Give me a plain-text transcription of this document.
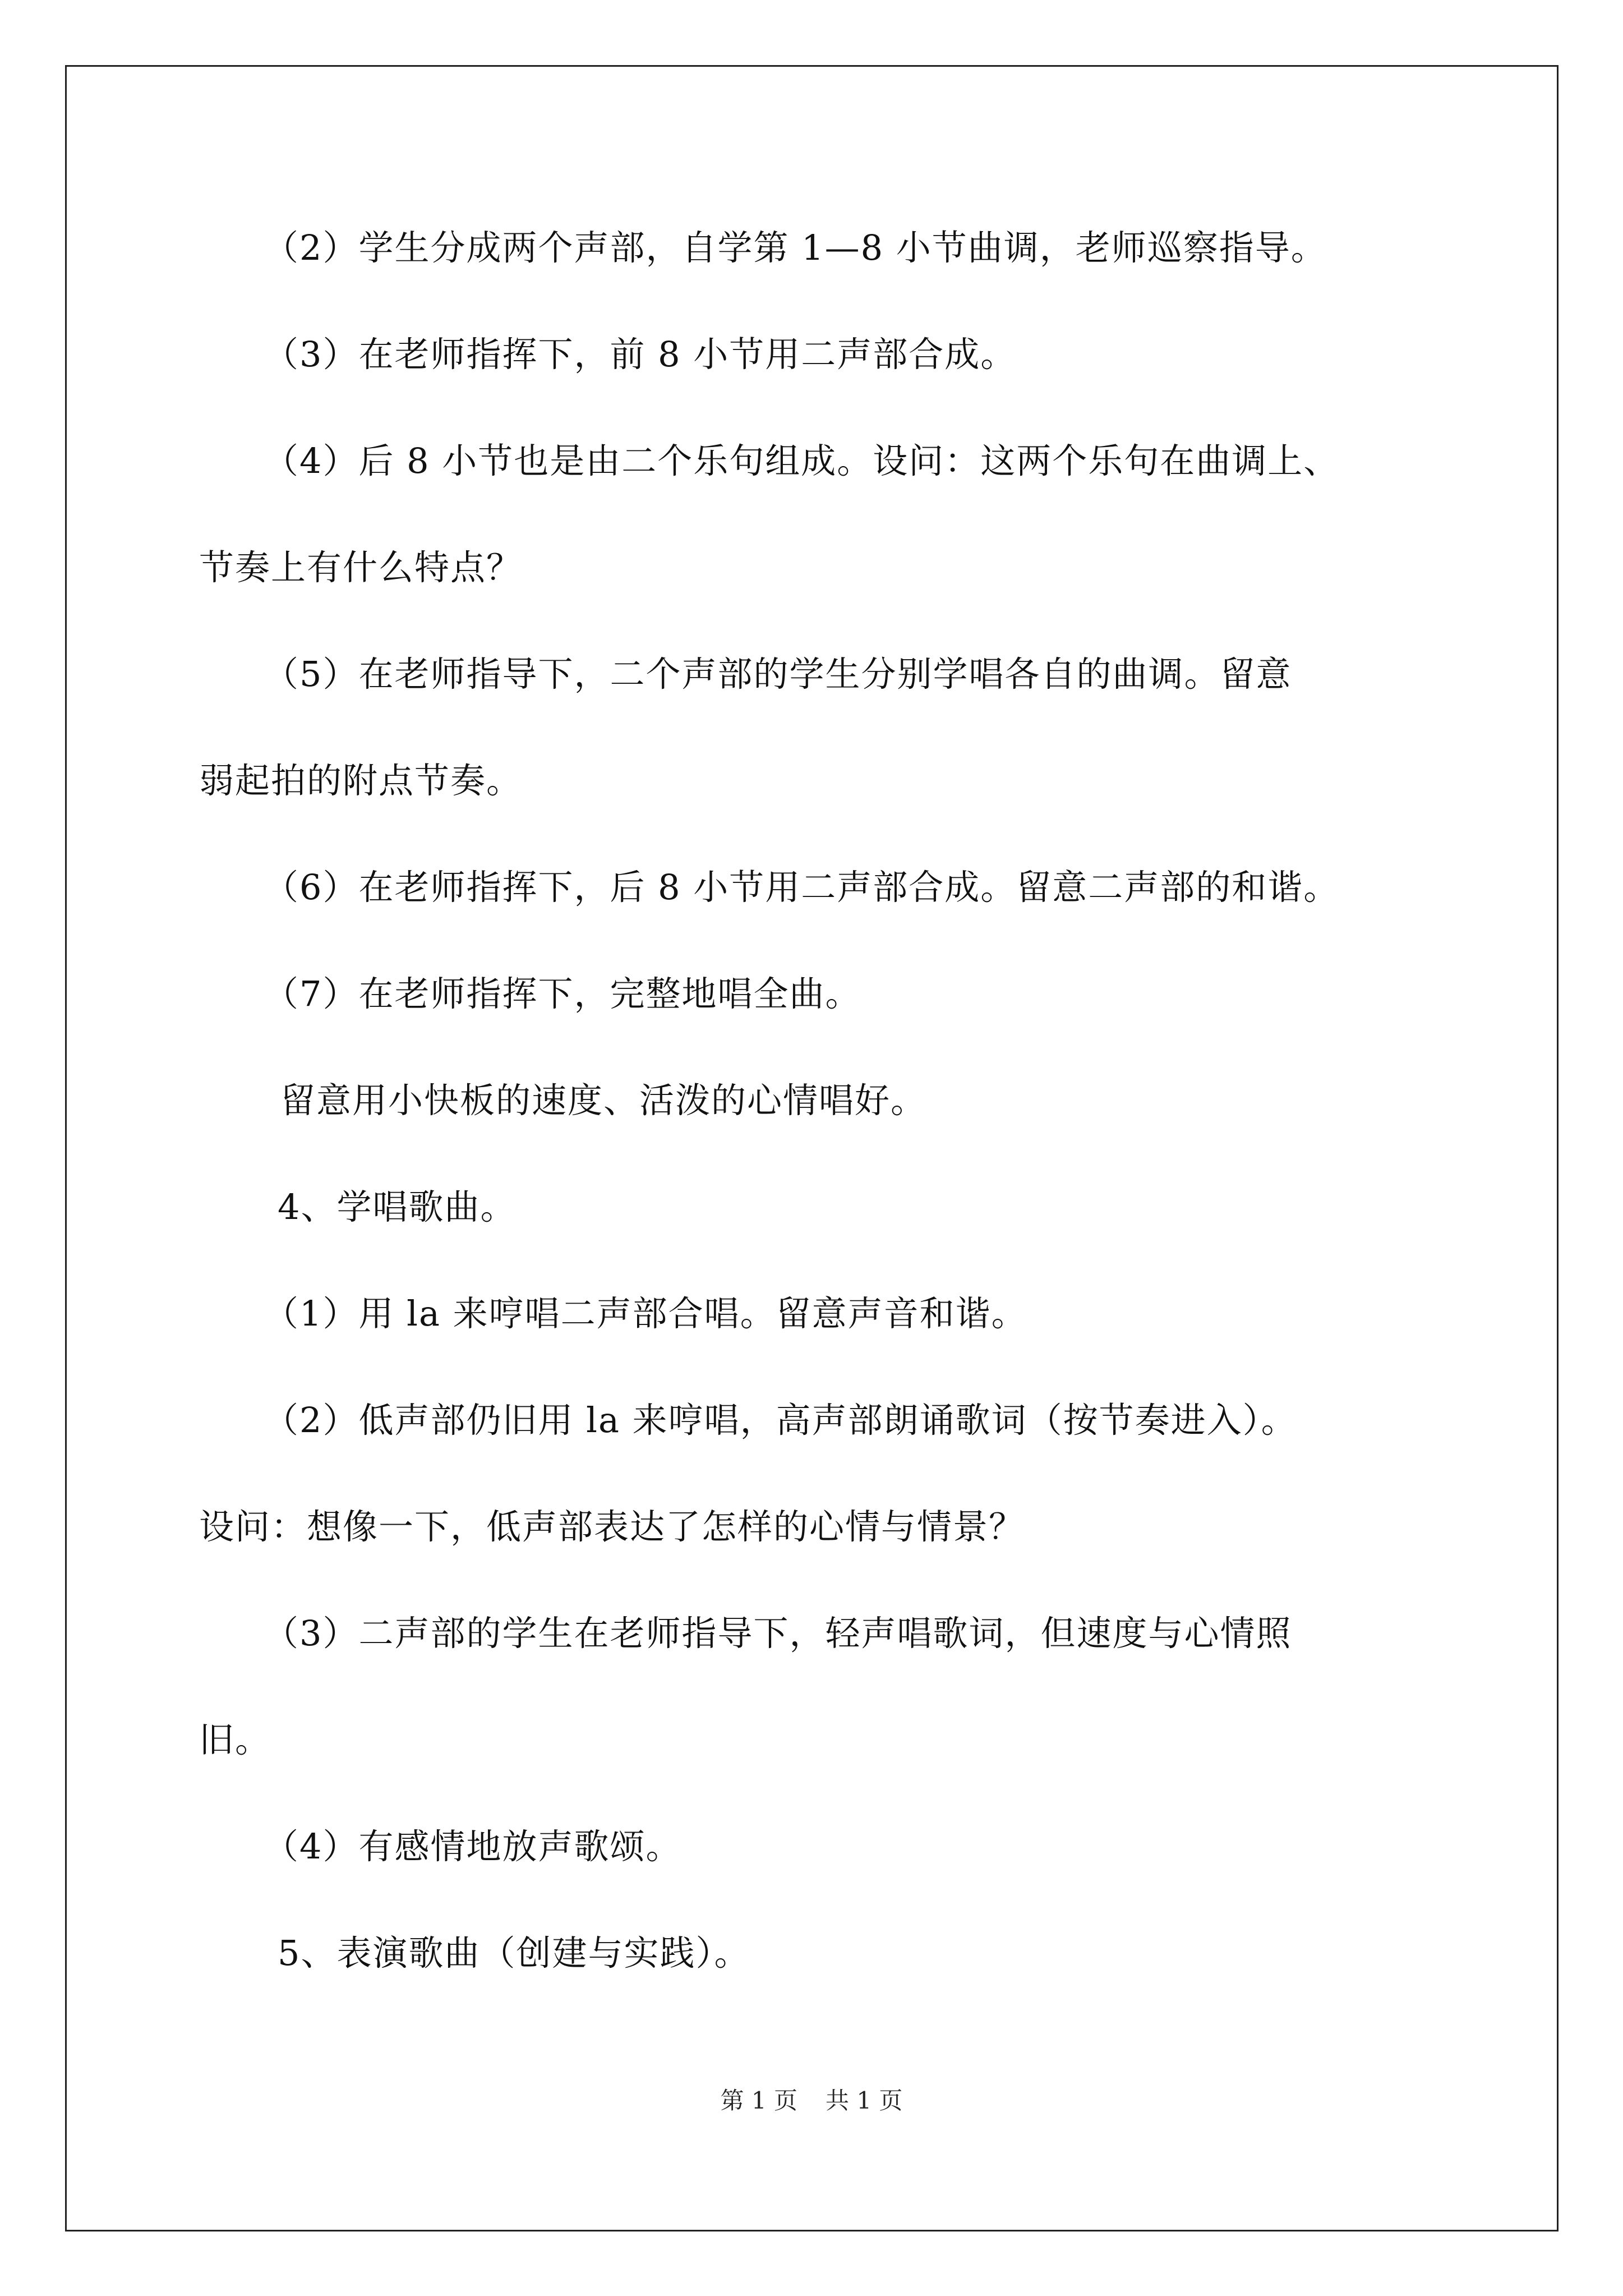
（2）学生分成两个声部，自学第 1—8 小节曲调，老师巡察指导。
（3）在老师指挥下，前 8 小节用二声部合成。
（4）后 8 小节也是由二个乐句组成。设问：这两个乐句在曲调上、
节奏上有什么特点？
（5）在老师指导下，二个声部的学生分别学唱各自的曲调。留意
弱起拍的附点节奏。
（6）在老师指挥下，后 8 小节用二声部合成。留意二声部的和谐。
（7）在老师指挥下，完整地唱全曲。
留意用小快板的速度、活泼的心情唱好。
4、学唱歌曲。
（1）用 la 来哼唱二声部合唱。留意声音和谐。
（2）低声部仍旧用 la 来哼唱，高声部朗诵歌词（按节奏进入）。
设问：想像一下，低声部表达了怎样的心情与情景？
（3）二声部的学生在老师指导下，轻声唱歌词，但速度与心情照
旧。
（4）有感情地放声歌颂。
5、表演歌曲（创建与实践）。
第 1 页 共 1 页
